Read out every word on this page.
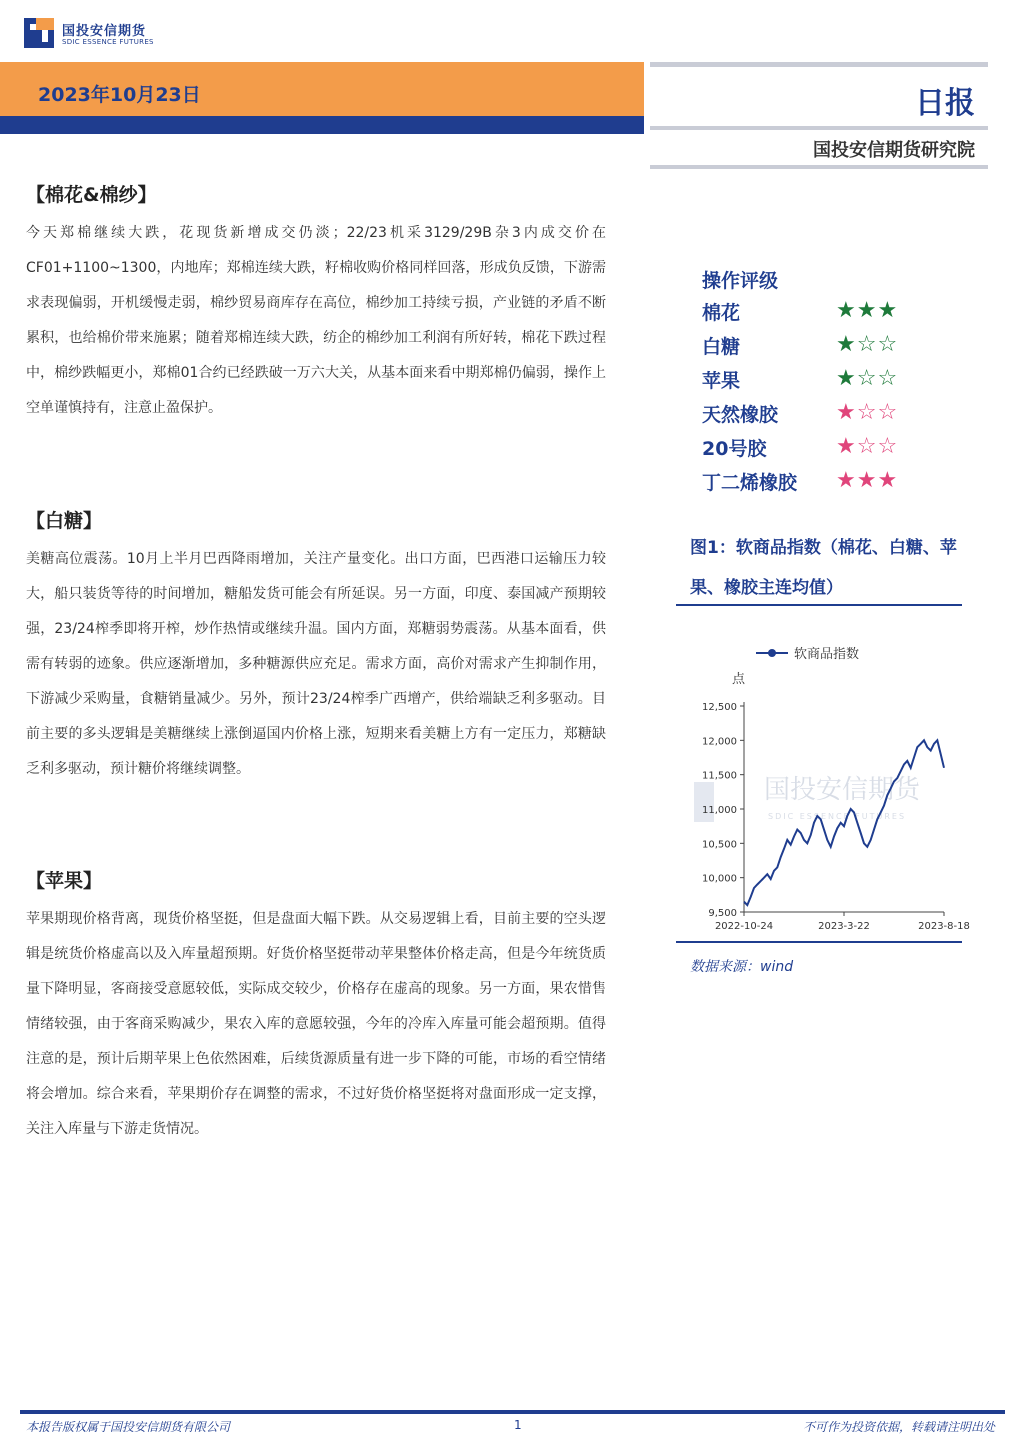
国投安信期货
SDIC ESSENCE FUTURES
2023年10月23日	日报
国投安信期货研究院
【棉花&棉纱】

今天郑棉继续大跌，花现货新增成交仍淡；22/23机采3129/29B杂3内成交价在CF01+1100~1300，内地库；郑棉连续大跌，籽棉收购价格同样回落，形成负反馈，下游需求表现偏弱，开机缓慢走弱，棉纱贸易商库存在高位，棉纱加工持续亏损，产业链的矛盾不断累积，也给棉价带来施累；随着郑棉连续大跌，纺企的棉纱加工利润有所好转，棉花下跌过程中，棉纱跌幅更小，郑棉01合约已经跌破一万六大关，从基本面来看中期郑棉仍偏弱，操作上空单谨慎持有，注意止盈保护。

【白糖】

美糖高位震荡。10月上半月巴西降雨增加，关注产量变化。出口方面，巴西港口运输压力较大，船只装货等待的时间增加，糖船发货可能会有所延误。另一方面，印度、泰国减产预期较强，23/24榨季即将开榨，炒作热情或继续升温。国内方面，郑糖弱势震荡。从基本面看，供需有转弱的迹象。供应逐渐增加，多种糖源供应充足。需求方面，高价对需求产生抑制作用，下游减少采购量，食糖销量减少。另外，预计23/24榨季广西增产，供给端缺乏利多驱动。目前主要的多头逻辑是美糖继续上涨倒逼国内价格上涨，短期来看美糖上方有一定压力，郑糖缺乏利多驱动，预计糖价将继续调整。

【苹果】

苹果期现价格背离，现货价格坚挺，但是盘面大幅下跌。从交易逻辑上看，目前主要的空头逻辑是统货价格虚高以及入库量超预期。好货价格坚挺带动苹果整体价格走高，但是今年统货质量下降明显，客商接受意愿较低，实际成交较少，价格存在虚高的现象。另一方面，果农惜售情绪较强，由于客商采购减少，果农入库的意愿较强，今年的冷库入库量可能会超预期。值得注意的是，预计后期苹果上色依然困难，后续货源质量有进一步下降的可能，市场的看空情绪将会增加。综合来看，苹果期价存在调整的需求，不过好货价格坚挺将对盘面形成一定支撑，关注入库量与下游走货情况。

操作评级
棉花	★★★
白糖	★☆☆
苹果	★☆☆
天然橡胶	★☆☆
20号胶	★☆☆
丁二烯橡胶 ★★★
图1：软商品指数（棉花、白糖、苹果、橡胶主连均值）
国投安信期货
SDIC ESSENCE FUTURES
软商品指数
点
9,500
10,000
10,500
11,000
11,500
12,000
12,500
2022-10-24	2023-3-22	2023-8-18
数据来源：wind
本报告版权属于国投安信期货有限公司	1	不可作为投资依据，转载请注明出处
